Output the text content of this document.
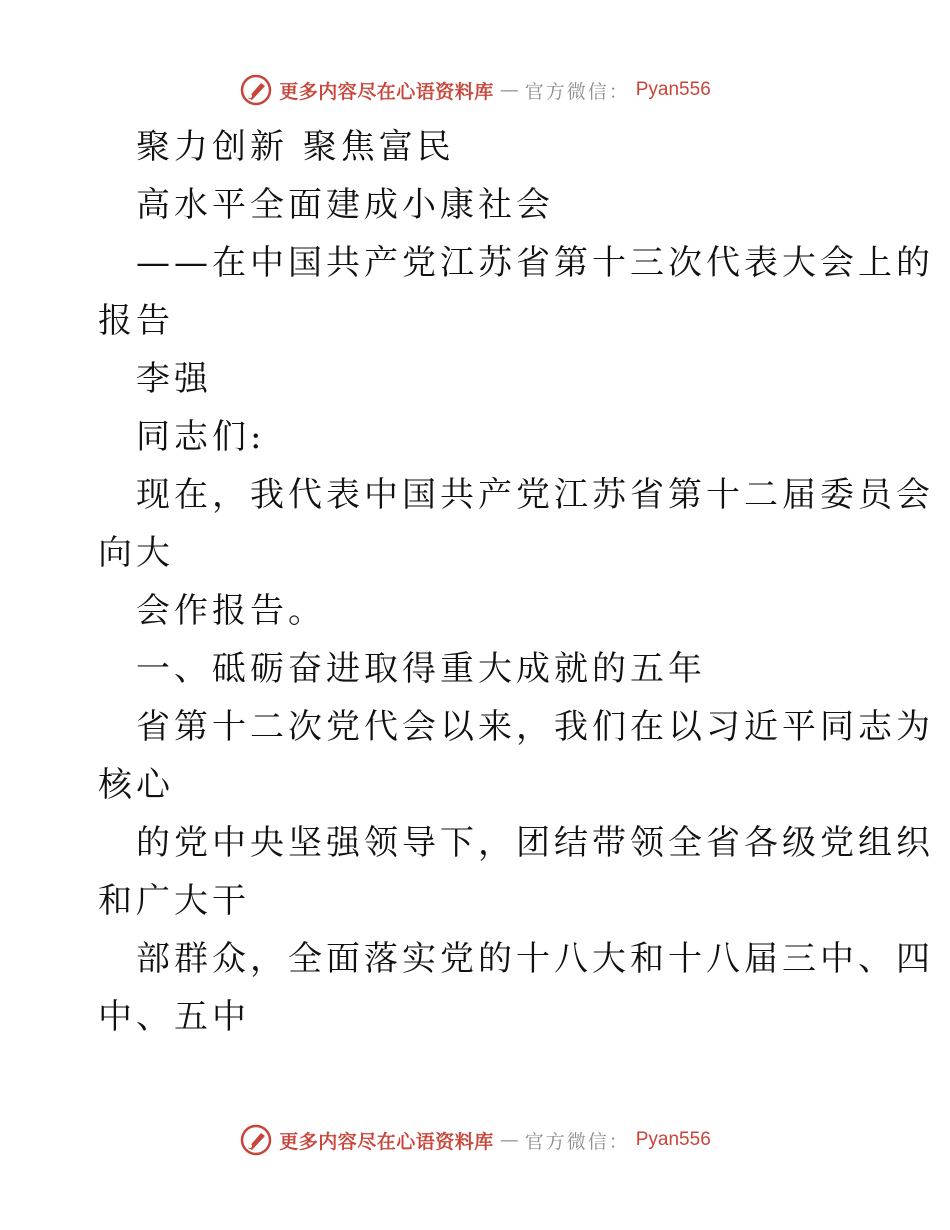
更多内容尽在心语资料库 — 官方微信： Pyan556
聚力创新 聚焦富民
高水平全面建成小康社会
——在中国共产党江苏省第十三次代表大会上的
报告
李强
同志们:
现在，我代表中国共产党江苏省第十二届委员会
向大
会作报告。
一、砥砺奋进取得重大成就的五年
省第十二次党代会以来，我们在以习近平同志为
核心
的党中央坚强领导下，团结带领全省各级党组织
和广大干
部群众，全面落实党的十八大和十八届三中、四
中、五中
更多内容尽在心语资料库 — 官方微信： Pyan556
